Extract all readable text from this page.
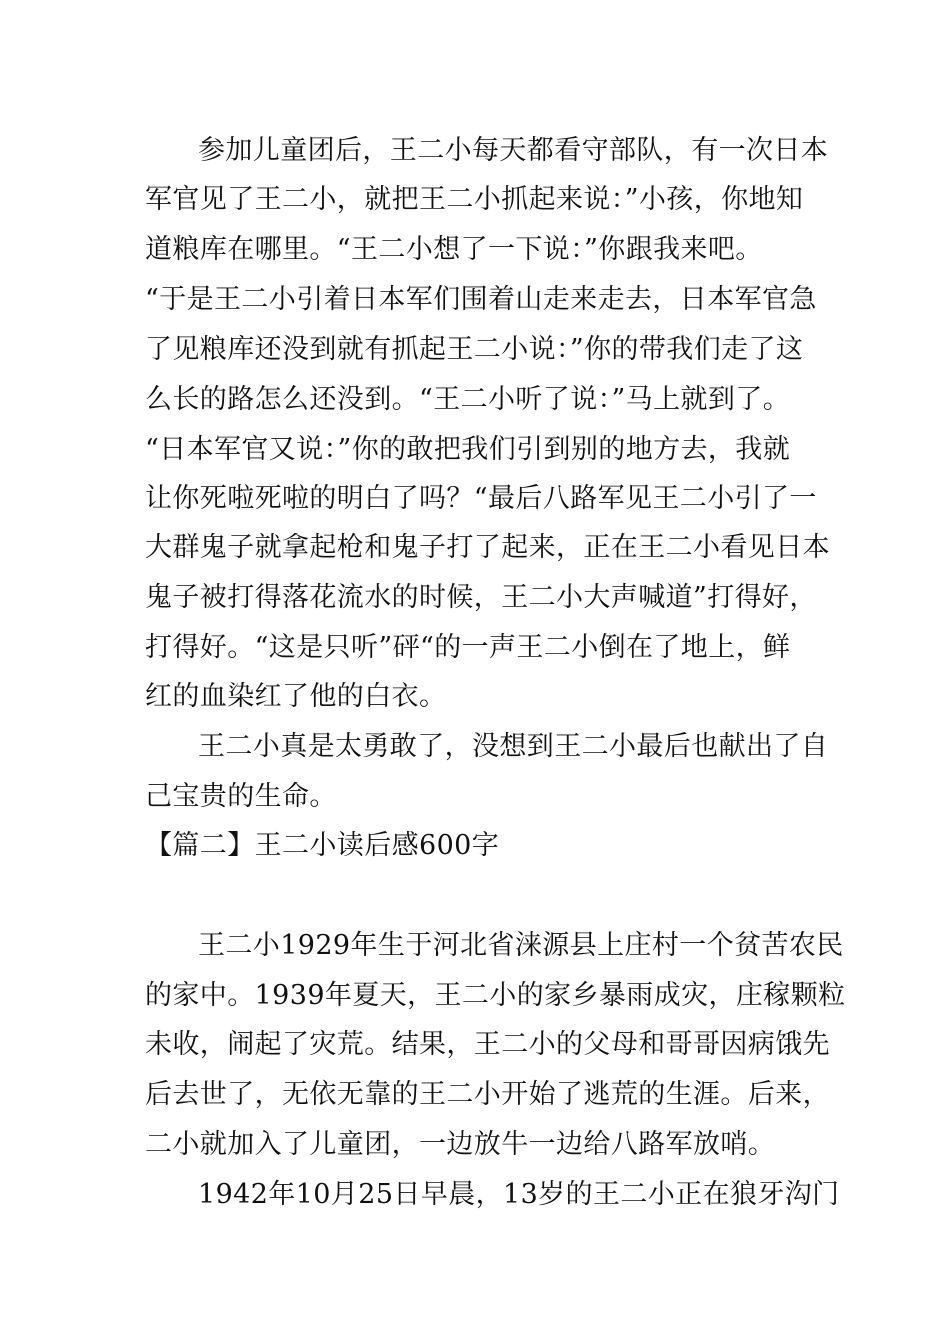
参加儿童团后，王二小每天都看守部队，有一次日本
军官见了王二小，就把王二小抓起来说：”小孩，你地知
道粮库在哪里。“王二小想了一下说：”你跟我来吧。
“于是王二小引着日本军们围着山走来走去，日本军官急
了见粮库还没到就有抓起王二小说：”你的带我们走了这
么长的路怎么还没到。“王二小听了说：”马上就到了。
“日本军官又说：”你的敢把我们引到别的地方去，我就
让你死啦死啦的明白了吗？“最后八路军见王二小引了一
大群鬼子就拿起枪和鬼子打了起来，正在王二小看见日本
鬼子被打得落花流水的时候，王二小大声喊道”打得好，
打得好。“这是只听”砰“的一声王二小倒在了地上，鲜
红的血染红了他的白衣。
王二小真是太勇敢了，没想到王二小最后也献出了自
己宝贵的生命。
【篇二】王二小读后感600字
王二小1929年生于河北省涞源县上庄村一个贫苦农民
的家中。1939年夏天，王二小的家乡暴雨成灾，庄稼颗粒
未收，闹起了灾荒。结果，王二小的父母和哥哥因病饿先
后去世了，无依无靠的王二小开始了逃荒的生涯。后来，
二小就加入了儿童团，一边放牛一边给八路军放哨。
1942年10月25日早晨，13岁的王二小正在狼牙沟门
